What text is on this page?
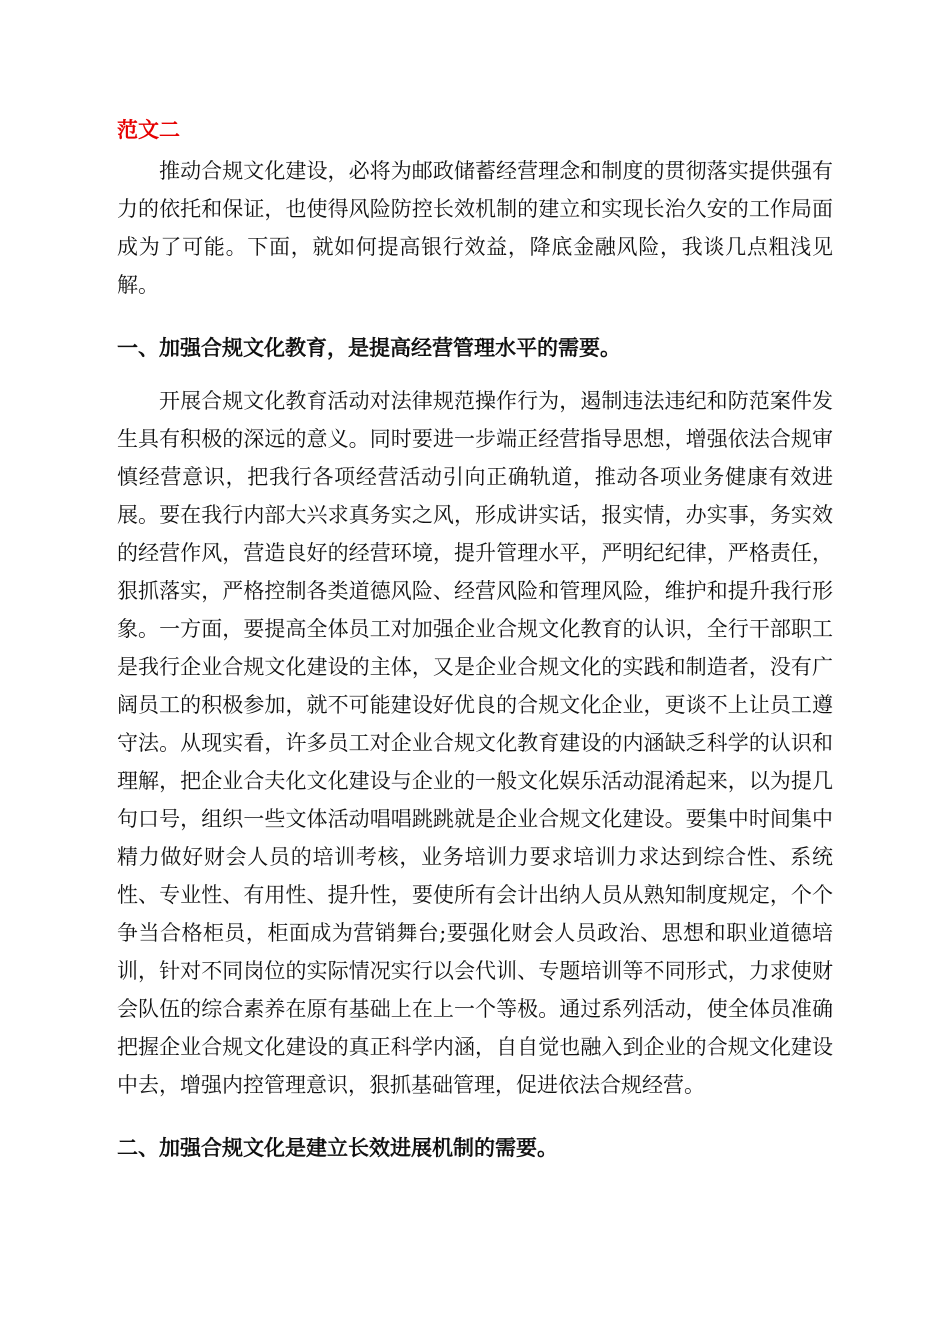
范文二

推动合规文化建设，必将为邮政储蓄经营理念和制度的贯彻落实提供强有力的依托和保证，也使得风险防控长效机制的建立和实现长治久安的工作局面成为了可能。下面，就如何提高银行效益，降底金融风险，我谈几点粗浅见解。

一、加强合规文化教育，是提高经营管理水平的需要。

开展合规文化教育活动对法律规范操作行为，遏制违法违纪和防范案件发生具有积极的深远的意义。同时要进一步端正经营指导思想，增强依法合规审慎经营意识，把我行各项经营活动引向正确轨道，推动各项业务健康有效进展。要在我行内部大兴求真务实之风，形成讲实话，报实情，办实事，务实效的经营作风，营造良好的经营环境，提升管理水平，严明纪纪律，严格责任，狠抓落实，严格控制各类道德风险、经营风险和管理风险，维护和提升我行形象。一方面，要提高全体员工对加强企业合规文化教育的认识，全行干部职工是我行企业合规文化建设的主体，又是企业合规文化的实践和制造者，没有广阔员工的积极参加，就不可能建设好优良的合规文化企业，更谈不上让员工遵守法。从现实看，许多员工对企业合规文化教育建设的内涵缺乏科学的认识和理解，把企业合夫化文化建设与企业的一般文化娱乐活动混淆起来，以为提几句口号，组织一些文体活动唱唱跳跳就是企业合规文化建设。要集中时间集中精力做好财会人员的培训考核，业务培训力要求培训力求达到综合性、系统性、专业性、有用性、提升性，要使所有会计出纳人员从熟知制度规定，个个争当合格柜员，柜面成为营销舞台;要强化财会人员政治、思想和职业道德培训，针对不同岗位的实际情况实行以会代训、专题培训等不同形式，力求使财会队伍的综合素养在原有基础上在上一个等极。通过系列活动，使全体员准确把握企业合规文化建设的真正科学内涵，自自觉也融入到企业的合规文化建设中去，增强内控管理意识，狠抓基础管理，促进依法合规经营。

二、加强合规文化是建立长效进展机制的需要。
